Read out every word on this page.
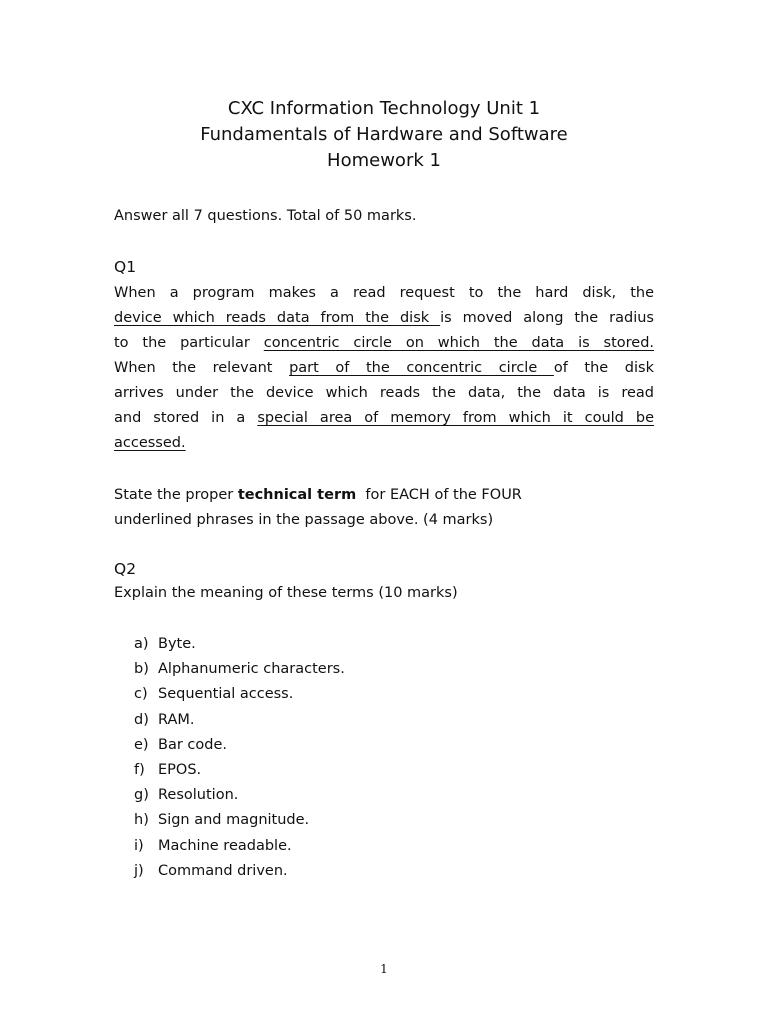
CXC Information Technology Unit 1
Fundamentals of Hardware and Software
Homework 1
Answer all 7 questions. Total of 50 marks.
Q1
When a program makes a read request to the hard disk, the
device which reads data from the disk is moved along the radius
to the particular concentric circle on which the data is stored.
When the relevant part of the concentric circle of the disk
arrives under the device which reads the data, the data is read
and stored in a special area of memory from which it could be
accessed.
State the proper technical term  for EACH of the FOUR
underlined phrases in the passage above. (4 marks)
Q2
Explain the meaning of these terms (10 marks)
a) Byte.
b) Alphanumeric characters.
c) Sequential access.
d) RAM.
e) Bar code.
f) EPOS.
g) Resolution.
h) Sign and magnitude.
i) Machine readable.
j) Command driven.
1
